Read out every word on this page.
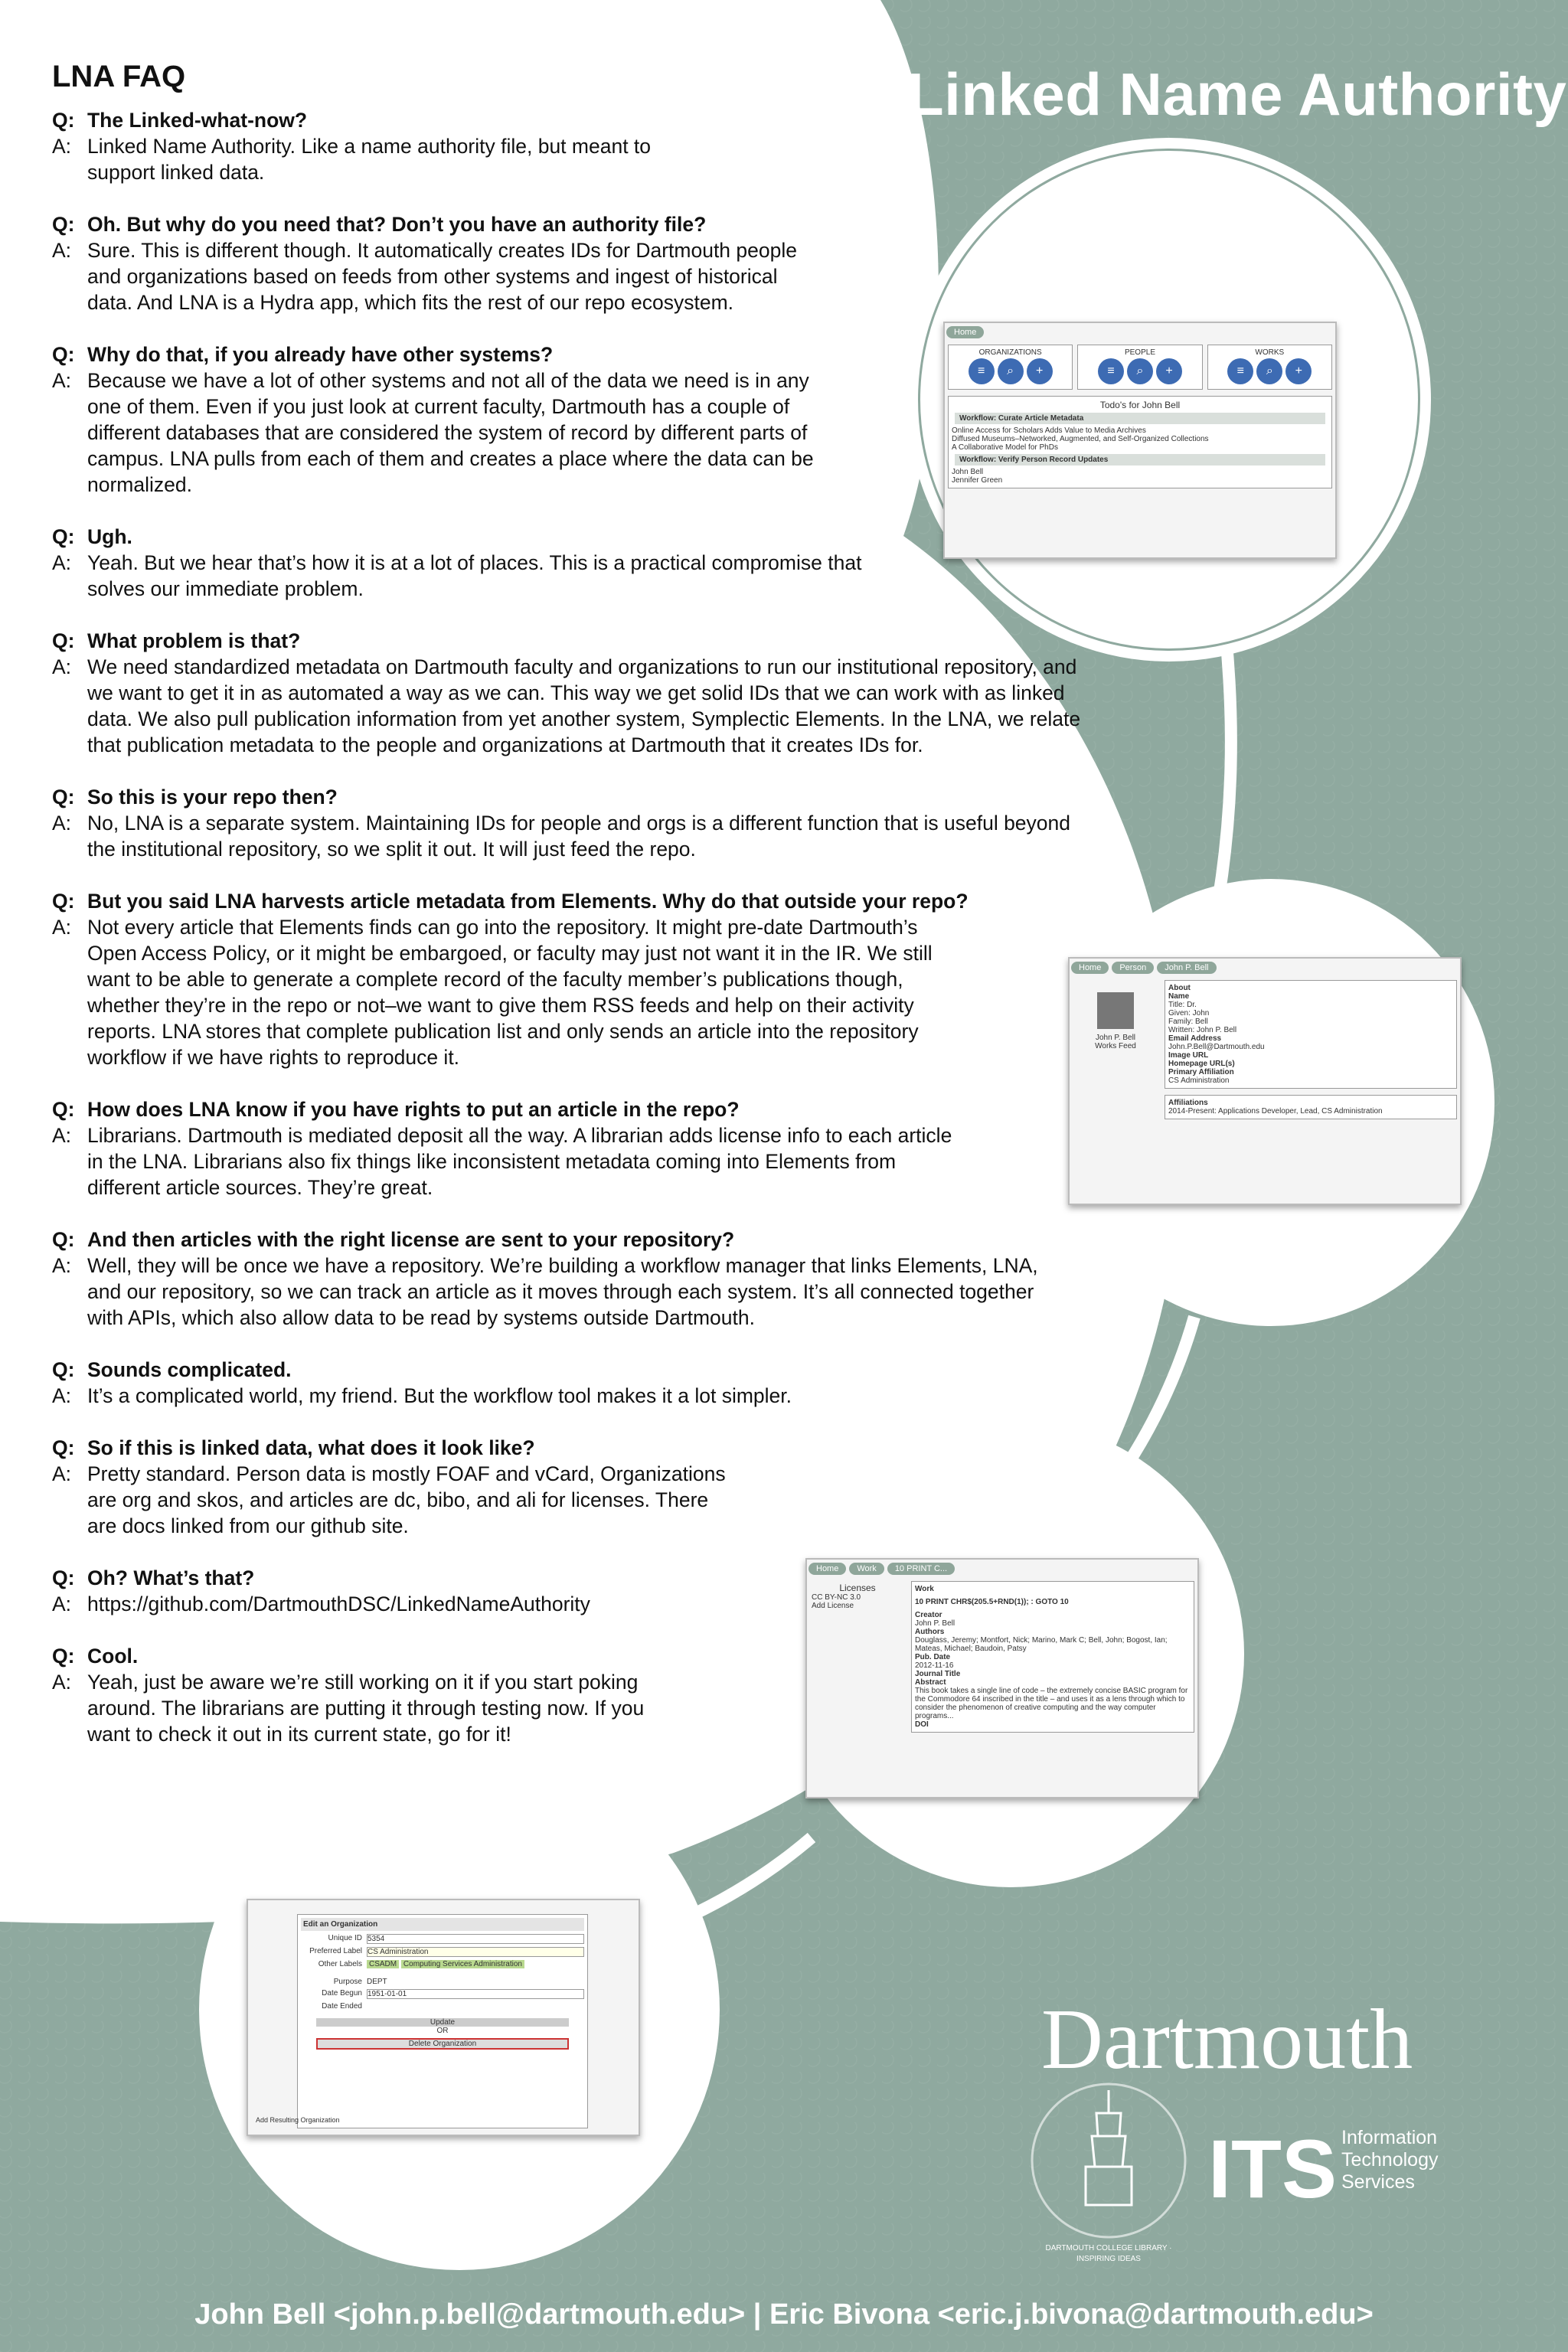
Linked Name Authority
LNA FAQ
Q: The Linked-what-now?
A: Linked Name Authority. Like a name authority file, but meant to support linked data.
Q: Oh. But why do you need that? Don’t you have an authority file?
A: Sure. This is different though. It automatically creates IDs for Dartmouth people and organizations based on feeds from other systems and ingest of historical data. And LNA is a Hydra app, which fits the rest of our repo ecosystem.
Q: Why do that, if you already have other systems?
A: Because we have a lot of other systems and not all of the data we need is in any one of them. Even if you just look at current faculty, Dartmouth has a couple of different databases that are considered the system of record by different parts of campus. LNA pulls from each of them and creates a place where the data can be normalized.
Q: Ugh.
A: Yeah. But we hear that’s how it is at a lot of places. This is a practical compromise that solves our immediate problem.
Q: What problem is that?
A: We need standardized metadata on Dartmouth faculty and organizations to run our institutional repository, and we want to get it in as automated a way as we can. This way we get solid IDs that we can work with as linked data. We also pull publication information from yet another system, Symplectic Elements. In the LNA, we relate that publication metadata to the people and organizations at Dartmouth that it creates IDs for.
Q: So this is your repo then?
A: No, LNA is a separate system. Maintaining IDs for people and orgs is a different function that is useful beyond the institutional repository, so we split it out. It will just feed the repo.
Q: But you said LNA harvests article metadata from Elements. Why do that outside your repo?
A: Not every article that Elements finds can go into the repository. It might pre-date Dartmouth’s Open Access Policy, or it might be embargoed, or faculty may just not want it in the IR. We still want to be able to generate a complete record of the faculty member’s publications though, whether they’re in the repo or not–we want to give them RSS feeds and help on their activity reports. LNA stores that complete publication list and only sends an article into the repository workflow if we have rights to reproduce it.
Q: How does LNA know if you have rights to put an article in the repo?
A: Librarians. Dartmouth is mediated deposit all the way. A librarian adds license info to each article in the LNA. Librarians also fix things like inconsistent metadata coming into Elements from different article sources. They’re great.
Q: And then articles with the right license are sent to your repository?
A: Well, they will be once we have a repository. We’re building a workflow manager that links Elements, LNA, and our repository, so we can track an article as it moves through each system. It’s all connected together with APIs, which also allow data to be read by systems outside Dartmouth.
Q: Sounds complicated.
A: It’s a complicated world, my friend. But the workflow tool makes it a lot simpler.
Q: So if this is linked data, what does it look like?
A: Pretty standard. Person data is mostly FOAF and vCard, Organizations are org and skos, and articles are dc, bibo, and ali for licenses. There are docs linked from our github site.
Q: Oh? What’s that?
A: https://github.com/DartmouthDSC/LinkedNameAuthority
Q: Cool.
A: Yeah, just be aware we’re still working on it if you start poking around. The librarians are putting it through testing now. If you want to check it out in its current state, go for it!
Home
ORGANIZATIONS
≡ ⌕ +
PEOPLE
≡ ⌕ +
WORKS
≡ ⌕ +
Todo's for John Bell
Workflow: Curate Article Metadata
Online Access for Scholars Adds Value to Media Archives
Diffused Museums–Networked, Augmented, and Self-Organized Collections
A Collaborative Model for PhDs
Workflow: Verify Person Record Updates
John Bell
Jennifer Green
Home Person John P. Bell
John P. Bell
Works Feed
About
Name
Title: Dr.
Given: John
Family: Bell
Written: John P. Bell
Email Address
John.P.Bell@Dartmouth.edu
Image URL
Homepage URL(s)
Primary Affiliation
CS Administration
Affiliations
2014-Present: Applications Developer, Lead, CS Administration
Home Work 10 PRINT C...
Licenses
CC BY-NC 3.0
Add License
Work
10 PRINT CHR$(205.5+RND(1)); : GOTO 10
Creator
John P. Bell
Authors
Douglass, Jeremy; Montfort, Nick; Marino, Mark C; Bell, John; Bogost, Ian; Mateas, Michael; Baudoin, Patsy
Pub. Date
2012-11-16
Journal Title
Abstract
This book takes a single line of code – the extremely concise BASIC program for the Commodore 64 inscribed in the title – and uses it as a lens through which to consider the phenomenon of creative computing and the way computer programs...
DOI
Edit an Organization
Unique ID 5354
Preferred Label CS Administration
Other Labels CSADM Computing Services Administration
Purpose DEPT
Date Begun 1951-01-01
Date Ended
Update
OR
Delete Organization
Add Resulting Organization
Dartmouth
DARTMOUTH COLLEGE LIBRARY · INSPIRING IDEAS
ITS Information
Technology
Services
John Bell <john.p.bell@dartmouth.edu> | Eric Bivona <eric.j.bivona@dartmouth.edu>
